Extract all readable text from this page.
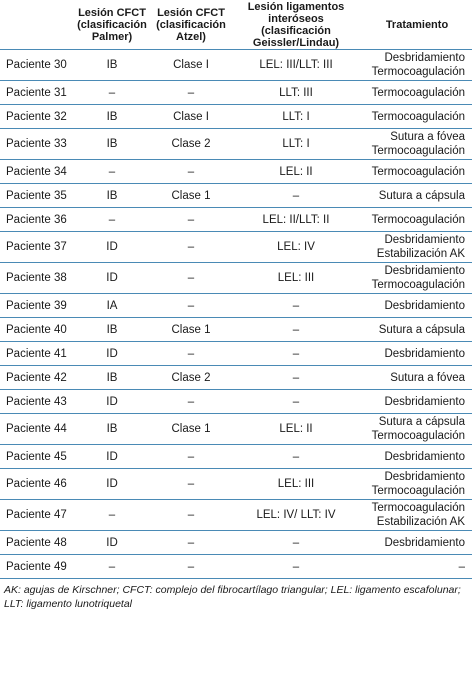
	Lesión CFCT
(clasificación
Palmer)	Lesión CFCT
(clasificación
Atzel)	Lesión ligamentos
interóseos (clasificación
Geissler/Lindau)	Tratamiento

Paciente 30	IB	Clase I	LEL: III/LLT: III	Desbridamiento
Termocoagulación

Paciente 31	–	–	LLT: III	Termocoagulación

Paciente 32	IB	Clase I	LLT: I	Termocoagulación

Paciente 33	IB	Clase 2	LLT: I	Sutura a fóvea
Termocoagulación

Paciente 34	–	–	LEL: II	Termocoagulación

Paciente 35	IB	Clase 1	–	Sutura a cápsula

Paciente 36	–	–	LEL: II/LLT: II	Termocoagulación

Paciente 37	ID	–	LEL: IV	Desbridamiento
Estabilización AK

Paciente 38	ID	–	LEL: III	Desbridamiento
Termocoagulación

Paciente 39	IA	–	–	Desbridamiento

Paciente 40	IB	Clase 1	–	Sutura a cápsula

Paciente 41	ID	–	–	Desbridamiento

Paciente 42	IB	Clase 2	–	Sutura a fóvea

Paciente 43	ID	–	–	Desbridamiento

Paciente 44	IB	Clase 1	LEL: II	Sutura a cápsula
Termocoagulación

Paciente 45	ID	–	–	Desbridamiento

Paciente 46	ID	–	LEL: III	Desbridamiento
Termocoagulación

Paciente 47	–	–	LEL: IV/ LLT: IV	Termocoagulación
Estabilización AK

Paciente 48	ID	–	–	Desbridamiento

Paciente 49	–	–	–	–
AK: agujas de Kirschner; CFCT: complejo del fibrocartílago triangular; LEL: ligamento escafolunar; LLT: ligamento lunotriquetal
